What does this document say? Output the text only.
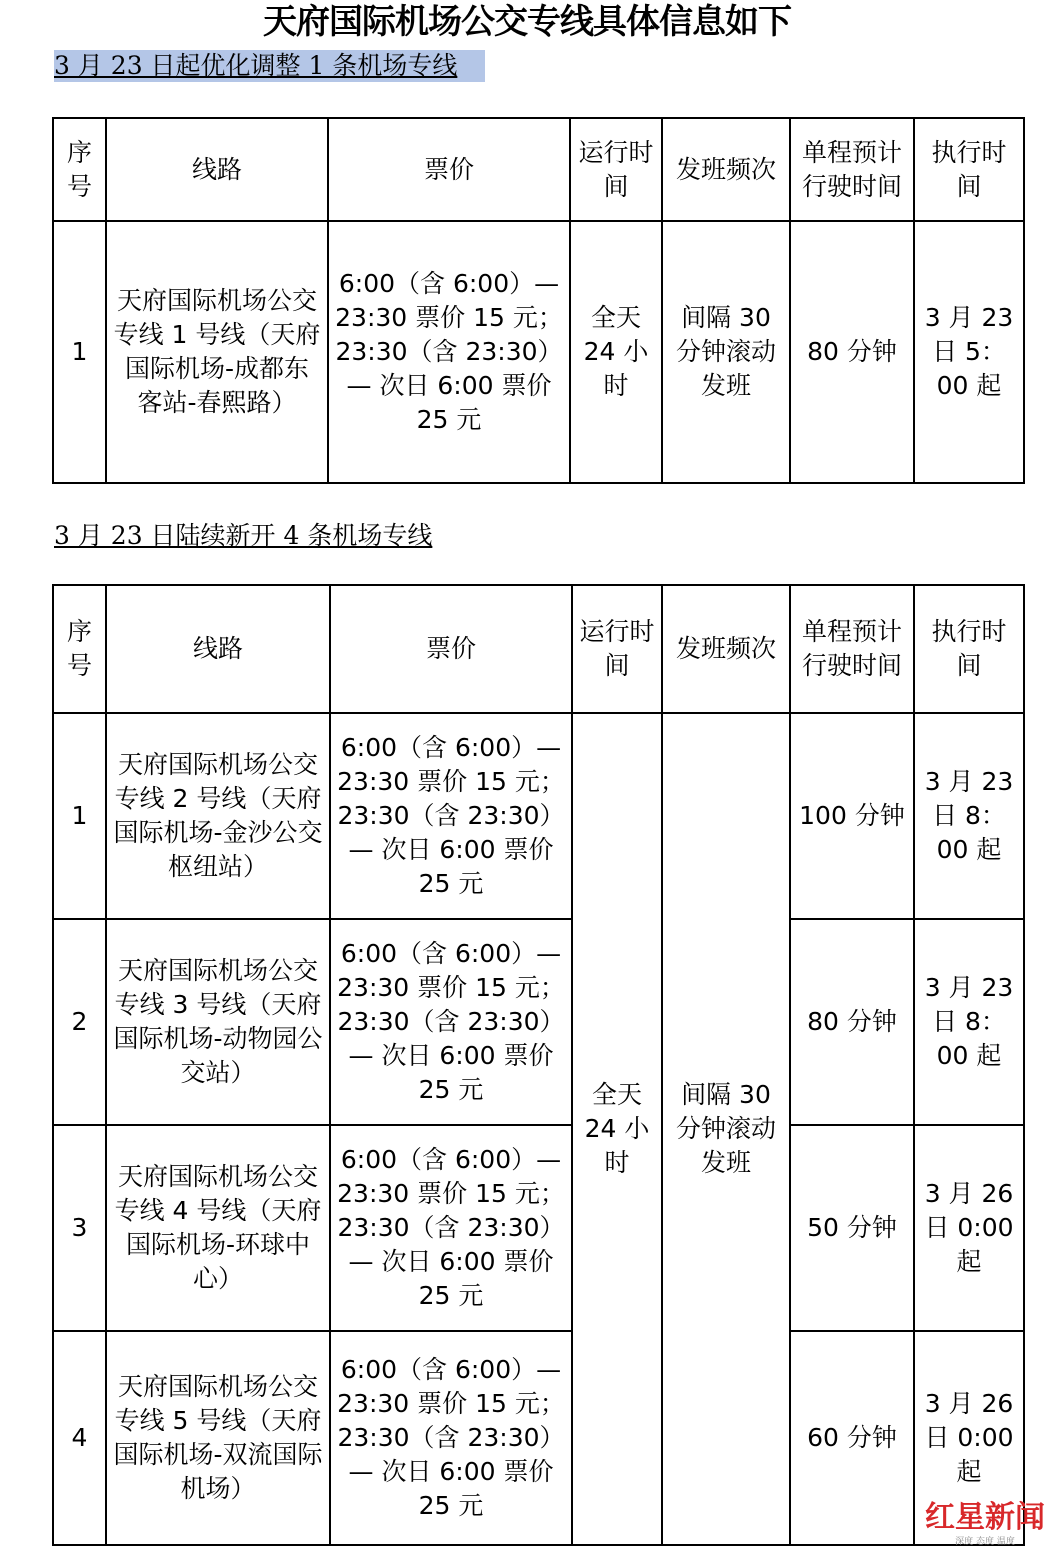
天府国际机场公交专线具体信息如下
3 月 23 日起优化调整 1 条机场专线
序号	线路	票价	运行时间	发班频次	单程预计行驶时间	执行时间
1	天府国际机场公交专线 1 号线（天府国际机场-成都东客站-春熙路）	6:00（含 6:00）— 23:30 票价 15 元；23:30（含 23:30）— 次日 6:00 票价 25 元	全天 24 小时	间隔 30 分钟滚动发班	80 分钟	3 月 23 日 5：00 起
3 月 23 日陆续新开 4 条机场专线
序号	线路	票价	运行时间	发班频次	单程预计行驶时间	执行时间
1	天府国际机场公交专线 2 号线（天府国际机场-金沙公交枢纽站）	6:00（含 6:00）— 23:30 票价 15 元；23:30（含 23:30）— 次日 6:00 票价 25 元	全天 24 小时	间隔 30 分钟滚动发班	100 分钟	3 月 23 日 8：00 起
2	天府国际机场公交专线 3 号线（天府国际机场-动物园公交站）	6:00（含 6:00）— 23:30 票价 15 元；23:30（含 23:30）— 次日 6:00 票价 25 元			80 分钟	3 月 23 日 8：00 起
3	天府国际机场公交专线 4 号线（天府国际机场-环球中心）	6:00（含 6:00）— 23:30 票价 15 元；23:30（含 23:30）— 次日 6:00 票价 25 元			50 分钟	3 月 26 日 0:00 起
4	天府国际机场公交专线 5 号线（天府国际机场-双流国际机场）	6:00（含 6:00）— 23:30 票价 15 元；23:30（含 23:30）— 次日 6:00 票价 25 元			60 分钟	3 月 26 日 0:00 起
红星新闻
深度 态度 温度
